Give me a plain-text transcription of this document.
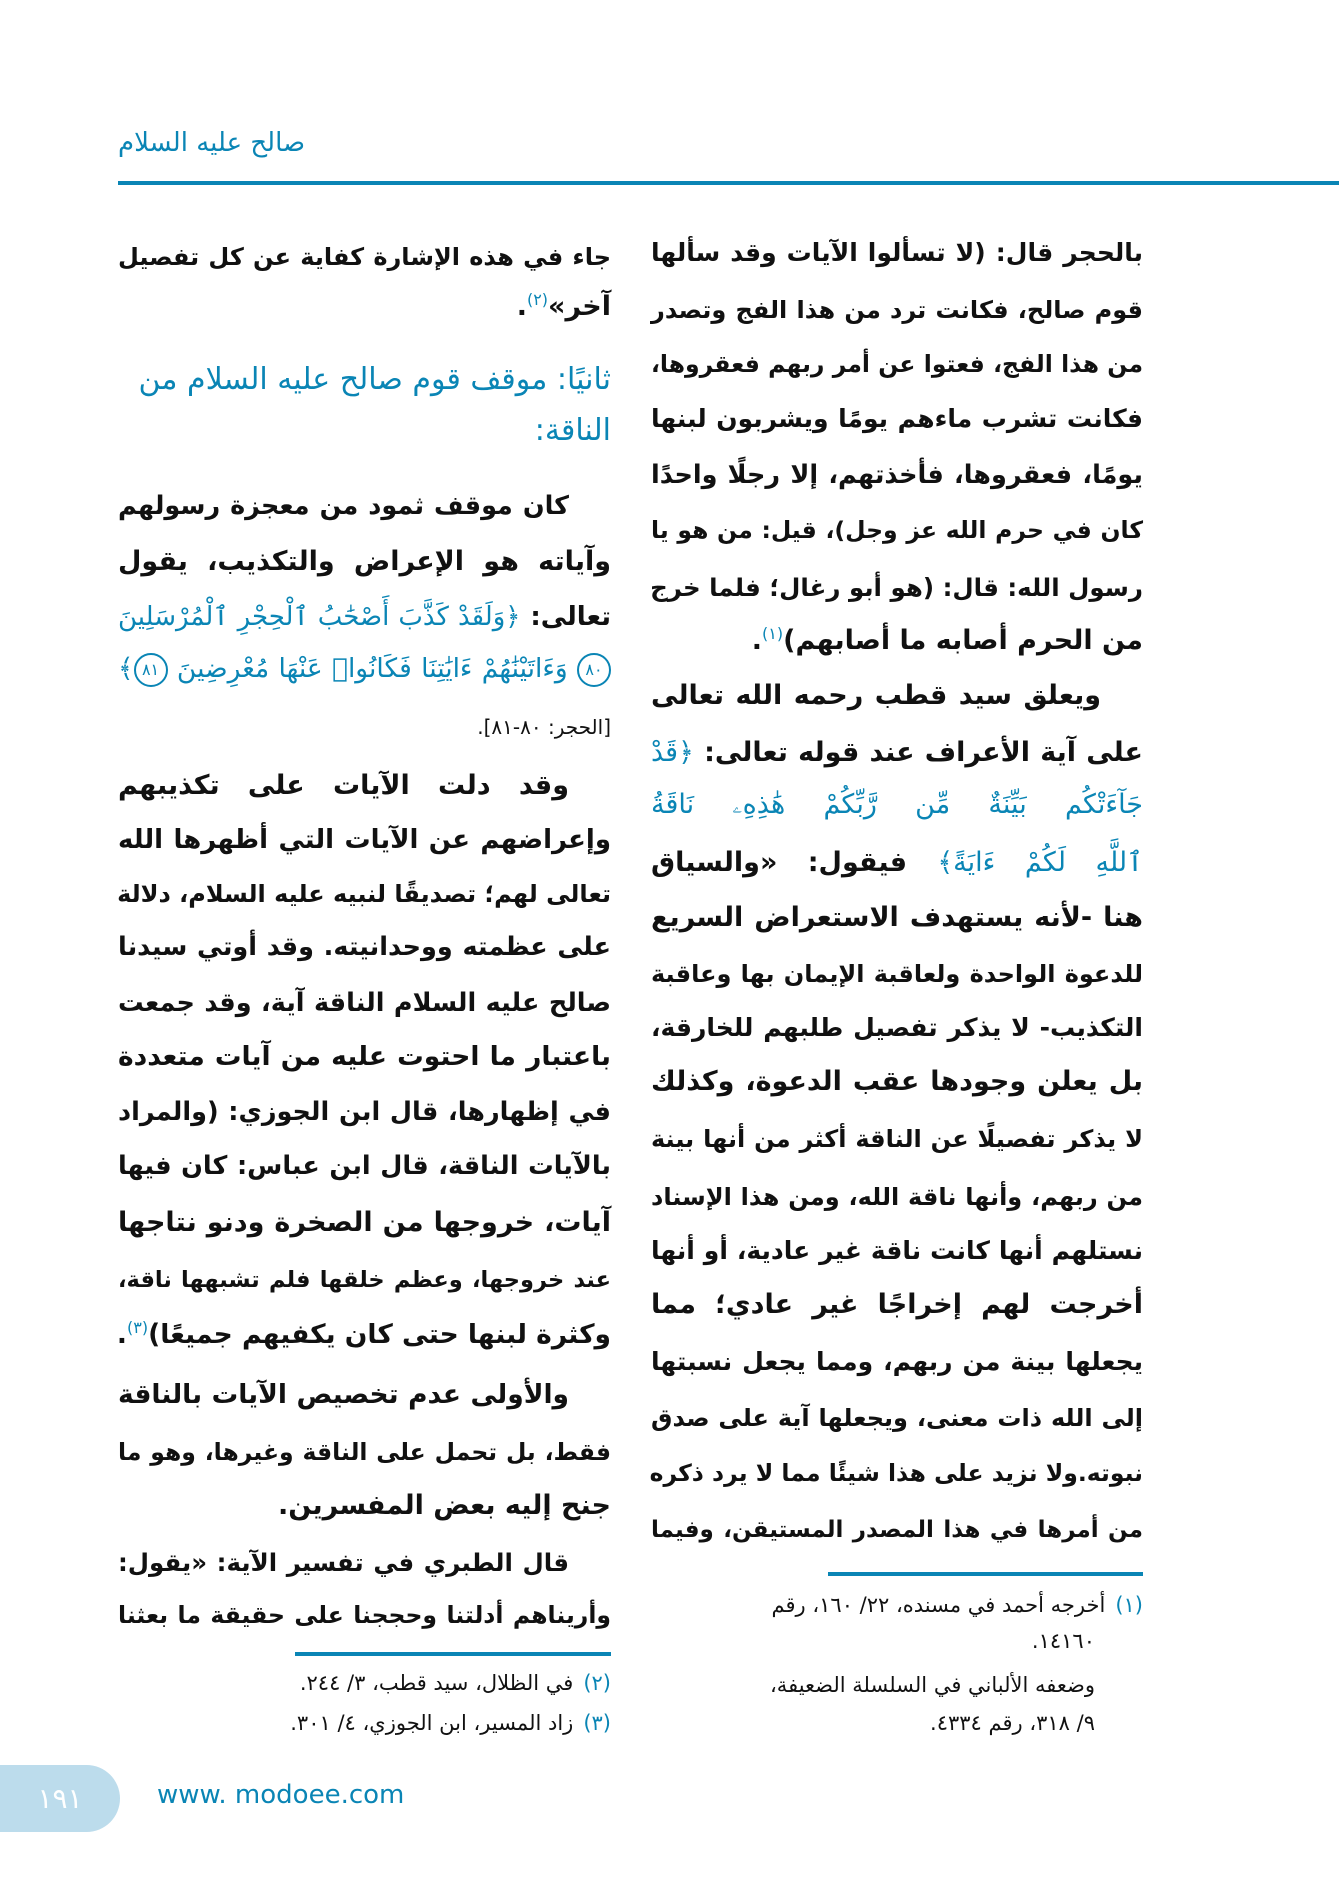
صالح عليه السلام
بالحجر قال: (لا تسألوا الآيات وقد سألها
قوم صالح، فكانت ترد من هذا الفج وتصدر
من هذا الفج، فعتوا عن أمر ربهم فعقروها،
فكانت تشرب ماءهم يومًا ويشربون لبنها
يومًا، فعقروها، فأخذتهم، إلا رجلًا واحدًا
كان في حرم الله عز وجل)، قيل: من هو يا
رسول الله: قال: (هو أبو رغال؛ فلما خرج
من الحرم أصابه ما أصابهم)$^{(١)}$.
ويعلق سيد قطب رحمه الله تعالى
على آية الأعراف عند قوله تعالى: ﴿قَدْ
جَآءَتْكُم بَيِّنَةٌ مِّن رَّبِّكُمْ هَٰذِهِۦ نَاقَةُ
ٱللَّهِ لَكُمْ ءَايَةً﴾ فيقول: «والسياق
هنا -لأنه يستهدف الاستعراض السريع
للدعوة الواحدة ولعاقبة الإيمان بها وعاقبة
التكذيب- لا يذكر تفصيل طلبهم للخارقة،
بل يعلن وجودها عقب الدعوة، وكذلك
لا يذكر تفصيلًا عن الناقة أكثر من أنها بينة
من ربهم، وأنها ناقة الله، ومن هذا الإسناد
نستلهم أنها كانت ناقة غير عادية، أو أنها
أخرجت لهم إخراجًا غير عادي؛ مما
يجعلها بينة من ربهم، ومما يجعل نسبتها
إلى الله ذات معنى، ويجعلها آية على صدق
نبوته.ولا نزيد على هذا شيئًا مما لا يرد ذكره
من أمرها في هذا المصدر المستيقن، وفيما
جاء في هذه الإشارة كفاية عن كل تفصيل
آخر»$^{(٢)}$.
ثانيًا: موقف قوم صالح عليه السلام من
الناقة:
كان موقف ثمود من معجزة رسولهم
وآياته هو الإعراض والتكذيب، يقول
تعالى: ﴿وَلَقَدْ كَذَّبَ أَصْحَٰبُ ٱلْحِجْرِ ٱلْمُرْسَلِينَ
٨٠ وَءَاتَيْنَٰهُمْ ءَايَٰتِنَا فَكَانُوا۟ عَنْهَا مُعْرِضِينَ ٨١﴾
[الحجر: ٨٠-٨١].
وقد دلت الآيات على تكذيبهم
وإعراضهم عن الآيات التي أظهرها الله
تعالى لهم؛ تصديقًا لنبيه عليه السلام، دلالة
على عظمته ووحدانيته. وقد أوتي سيدنا
صالح عليه السلام الناقة آية، وقد جمعت
باعتبار ما احتوت عليه من آيات متعددة
في إظهارها، قال ابن الجوزي: (والمراد
بالآيات الناقة، قال ابن عباس: كان فيها
آيات، خروجها من الصخرة ودنو نتاجها
عند خروجها، وعظم خلقها فلم تشبهها ناقة،
وكثرة لبنها حتى كان يكفيهم جميعًا)$^{(٣)}$.
والأولى عدم تخصيص الآيات بالناقة
فقط، بل تحمل على الناقة وغيرها، وهو ما
جنح إليه بعض المفسرين.
قال الطبري في تفسير الآية: «يقول:
وأريناهم أدلتنا وحججنا على حقيقة ما بعثنا	(١)أخرجه أحمد في مسنده، ٢٢/ ١٦٠، رقم
١٤١٦٠.
وضعفه الألباني في السلسلة الضعيفة،
٩/ ٣١٨، رقم ٤٣٣٤.
(٢)في الظلال، سيد قطب، ٣/ ٢٤٤.
(٣)زاد المسير، ابن الجوزي، ٤/ ٣٠١.
١٩١	www. modoee.com
